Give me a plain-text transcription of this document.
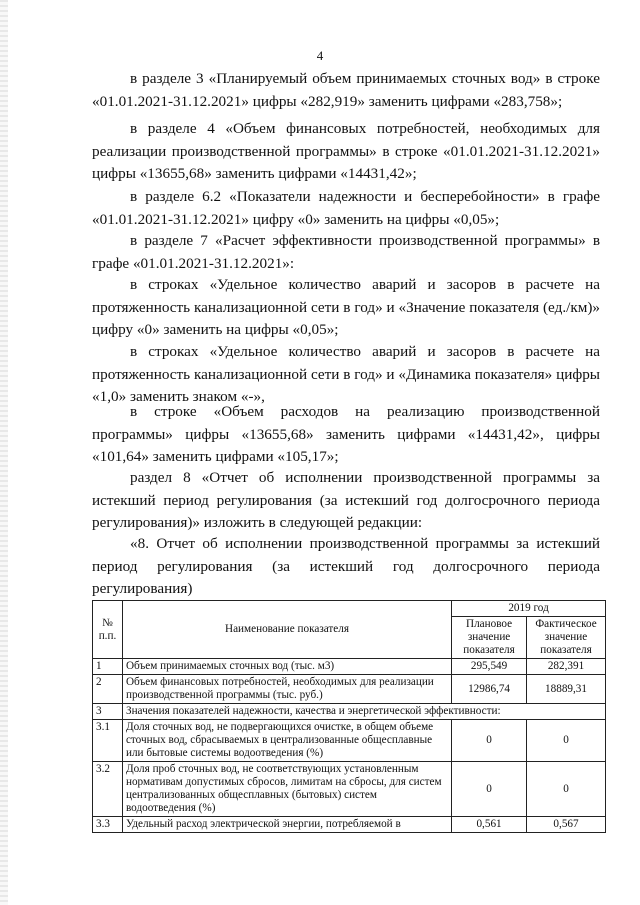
4

в разделе 3 «Планируемый объем принимаемых сточных вод» в строке «01.01.2021-31.12.2021» цифры «282,919» заменить цифрами «283,758»;

в разделе 4 «Объем финансовых потребностей, необходимых для реализации производственной программы» в строке «01.01.2021-31.12.2021» цифры «13655,68» заменить цифрами «14431,42»;

в разделе 6.2 «Показатели надежности и бесперебойности» в графе «01.01.2021-31.12.2021» цифру «0» заменить на цифры «0,05»;

в разделе 7 «Расчет эффективности производственной программы» в графе «01.01.2021-31.12.2021»:

в строках «Удельное количество аварий и засоров в расчете на протяженность канализационной сети в год» и «Значение показателя (ед./км)» цифру «0» заменить на цифры «0,05»;

в строках «Удельное количество аварий и засоров в расчете на протяженность канализационной сети в год» и «Динамика показателя» цифры «1,0» заменить знаком «-»,

в строке «Объем расходов на реализацию производственной программы» цифры «13655,68» заменить цифрами «14431,42», цифры «101,64» заменить цифрами «105,17»;

раздел 8 «Отчет об исполнении производственной программы за истекший период регулирования (за истекший год долгосрочного периода регулирования)» изложить в следующей редакции:

«8. Отчет об исполнении производственной программы за истекший период регулирования (за истекший год долгосрочного периода регулирования)

№ п.п.	Наименование показателя	2019 год	
		Плановое значение показателя	Фактическое значение показателя
1	Объем принимаемых сточных вод (тыс. м3)	295,549	282,391
2	Объем финансовых потребностей, необходимых для реализации производственной программы (тыс. руб.)	12986,74	18889,31
3	Значения показателей надежности, качества и энергетической эффективности:		
3.1	Доля сточных вод, не подвергающихся очистке, в общем объеме сточных вод, сбрасываемых в централизованные общесплавные или бытовые системы водоотведения (%)	0	0
3.2	Доля проб сточных вод, не соответствующих установленным нормативам допустимых сбросов, лимитам на сбросы, для систем централизованных общесплавных (бытовых) систем водоотведения (%)	0	0
3.3	Удельный расход электрической энергии, потребляемой в	0,561	0,567
